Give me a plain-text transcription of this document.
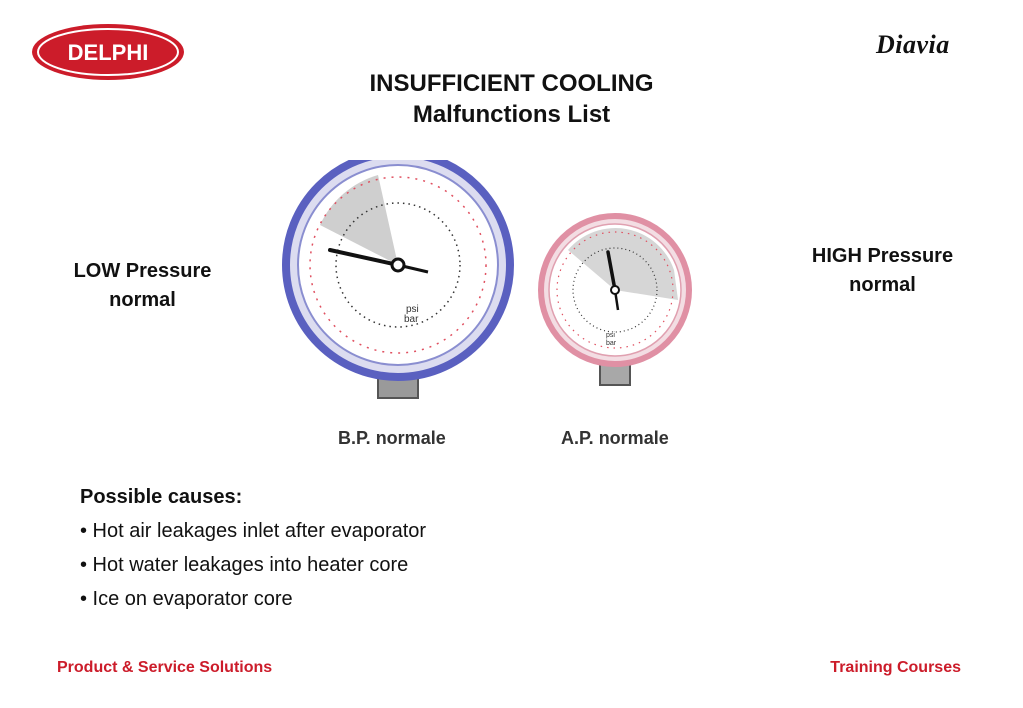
DELPHI	Diavia
INSUFFICIENT COOLING
Malfunctions List
LOW Pressure
normal
HIGH Pressure
normal
psi
bar
psi
bar
B.P. normale	A.P. normale
Possible causes:
• Hot air leakages inlet after evaporator
• Hot water leakages into heater core
• Ice on evaporator core
Product & Service Solutions	Training Courses
